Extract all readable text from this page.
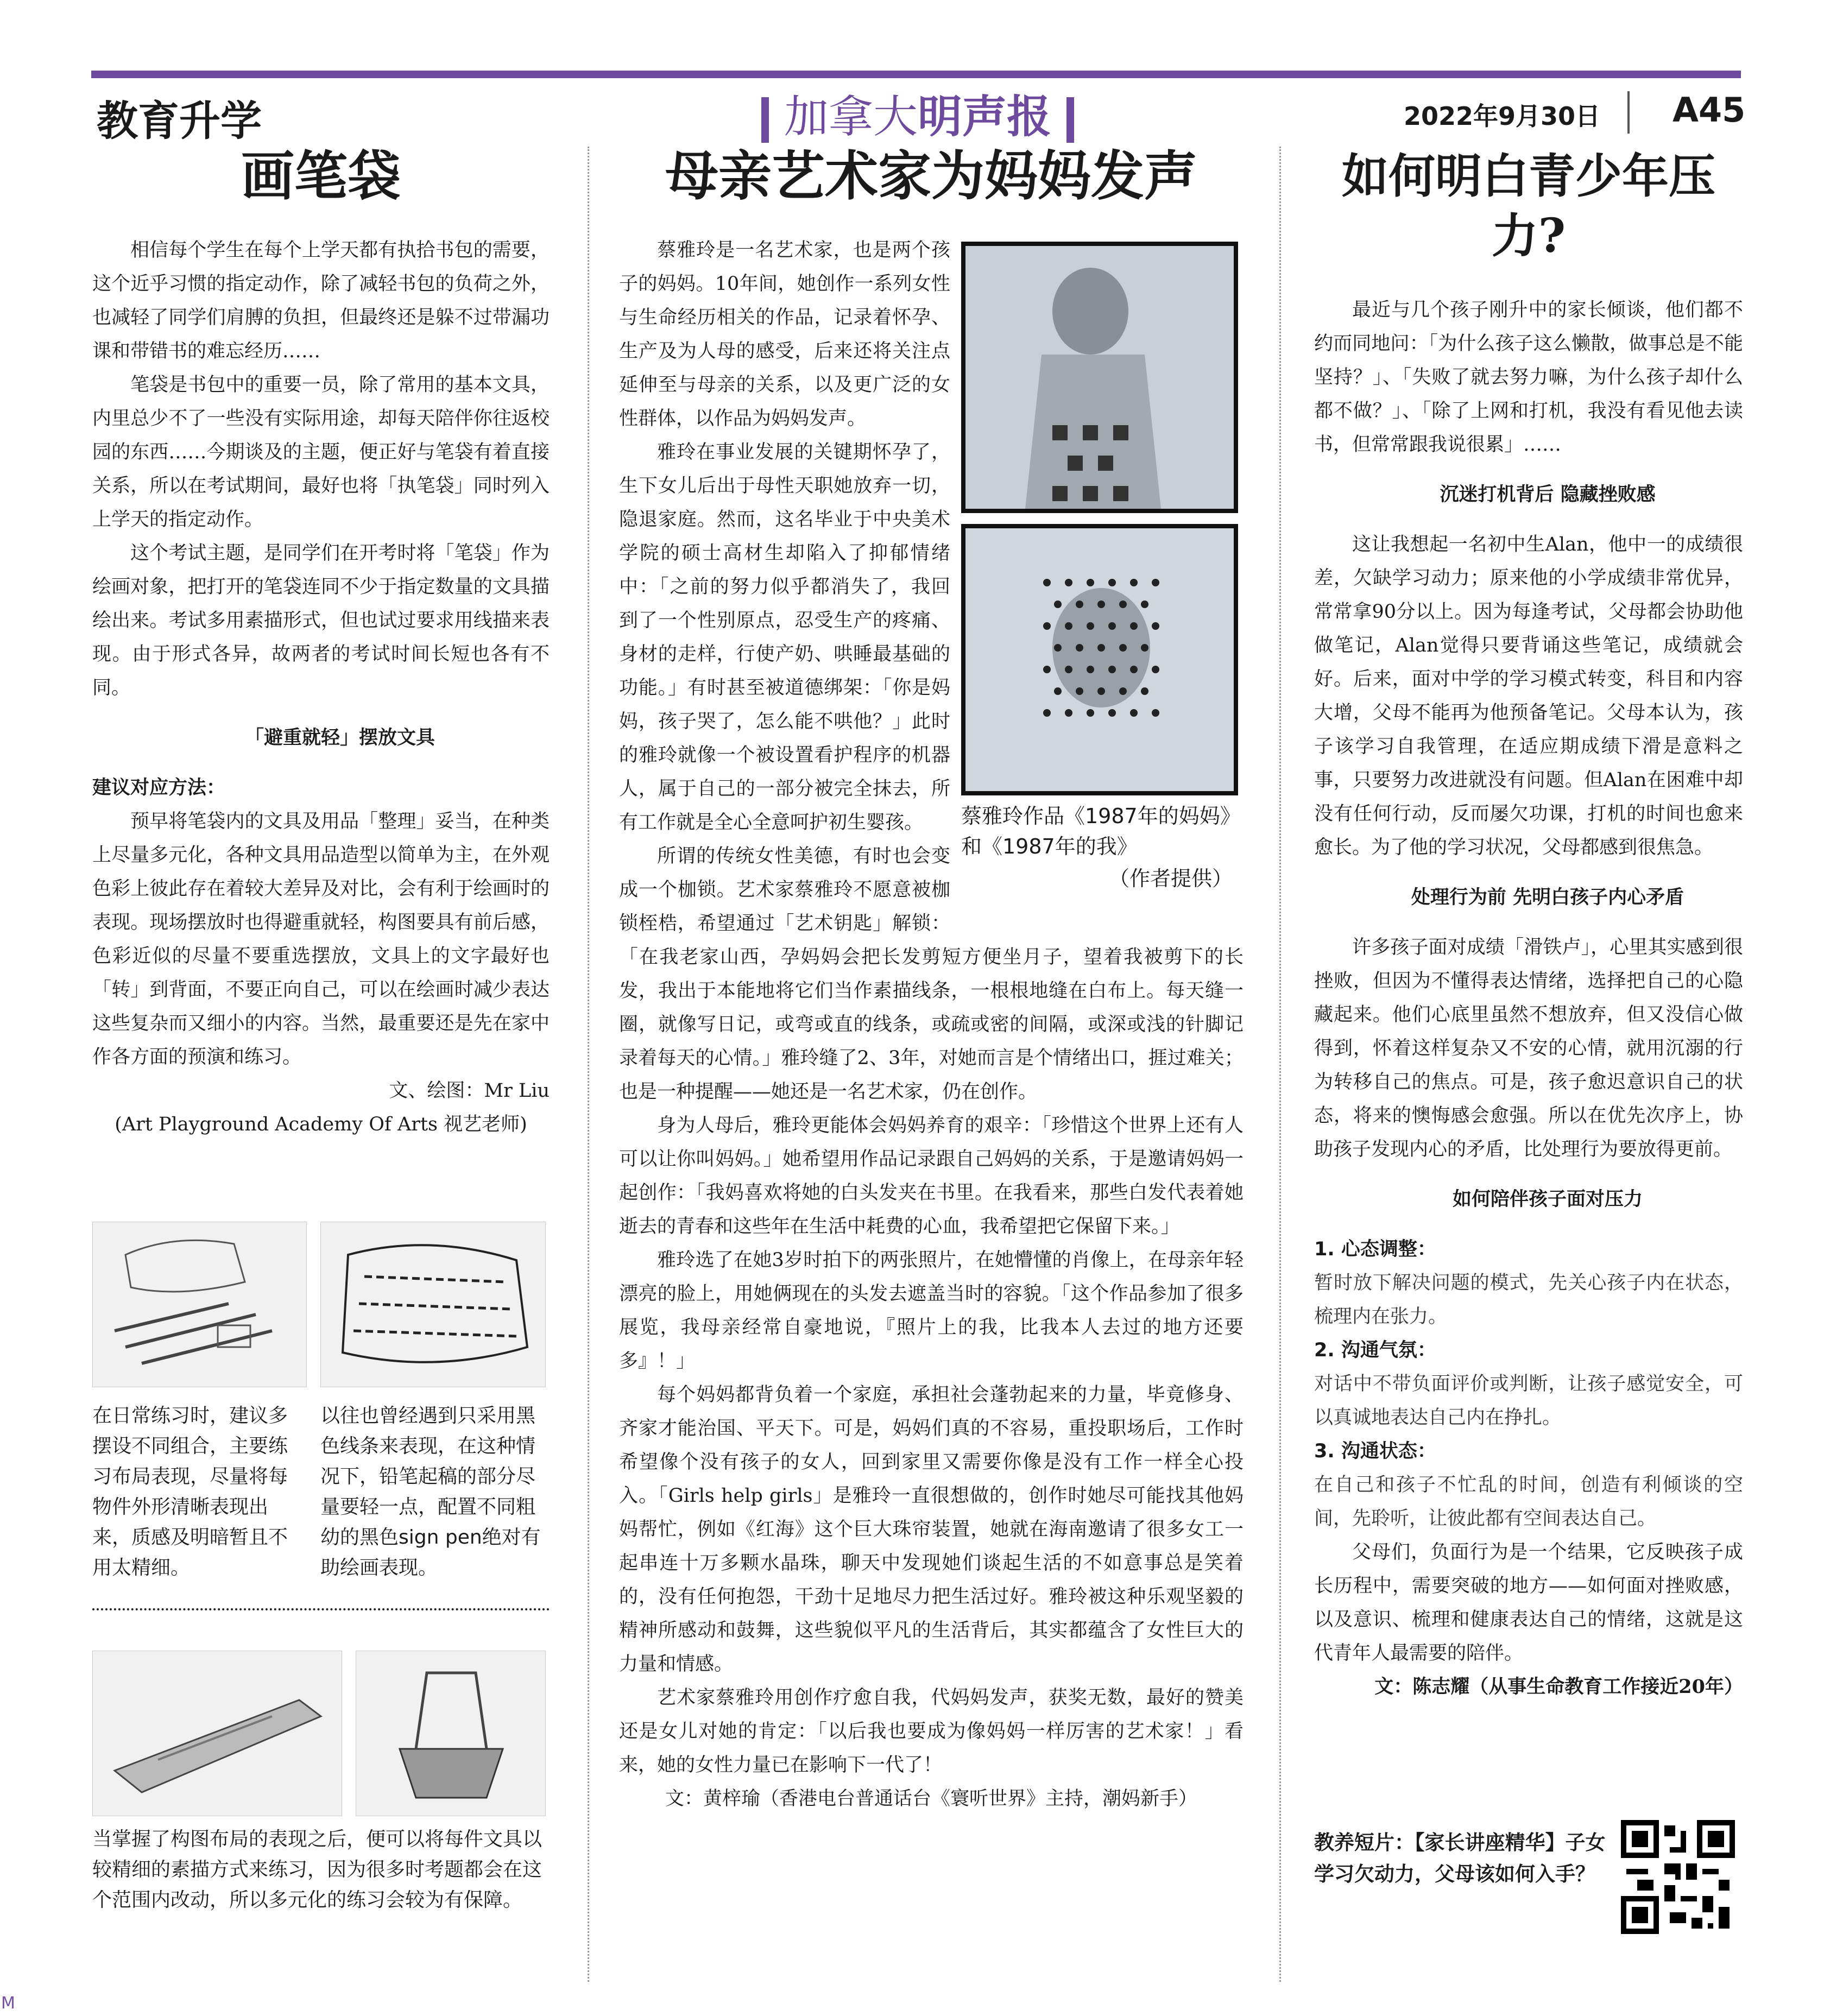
教育升学	加拿大明声报	2022年9月30日 A45
画笔袋

相信每个学生在每个上学天都有执拾书包的需要，这个近乎习惯的指定动作，除了减轻书包的负荷之外，也减轻了同学们肩膊的负担，但最终还是躲不过带漏功课和带错书的难忘经历……

笔袋是书包中的重要一员，除了常用的基本文具，内里总少不了一些没有实际用途，却每天陪伴你往返校园的东西……今期谈及的主题，便正好与笔袋有着直接关系，所以在考试期间，最好也将「执笔袋」同时列入上学天的指定动作。

这个考试主题，是同学们在开考时将「笔袋」作为绘画对象，把打开的笔袋连同不少于指定数量的文具描绘出来。考试多用素描形式，但也试过要求用线描来表现。由于形式各异，故两者的考试时间长短也各有不同。

「避重就轻」摆放文具

建议对应方法：

预早将笔袋内的文具及用品「整理」妥当，在种类上尽量多元化，各种文具用品造型以简单为主，在外观色彩上彼此存在着较大差异及对比，会有利于绘画时的表现。现场摆放时也得避重就轻，构图要具有前后感，色彩近似的尽量不要重选摆放，文具上的文字最好也「转」到背面，不要正向自己，可以在绘画时减少表达这些复杂而又细小的内容。当然，最重要还是先在家中作各方面的预演和练习。

文、绘图：Mr Liu

(Art Playground Academy Of Arts 视艺老师)

在日常练习时，建议多摆设不同组合，主要练习布局表现，尽量将每物件外形清晰表现出来，质感及明暗暂且不用太精细。
以往也曾经遇到只采用黑色线条来表现，在这种情况下，铅笔起稿的部分尽量要轻一点，配置不同粗幼的黑色sign pen绝对有助绘画表现。
当掌握了构图布局的表现之后，便可以将每件文具以较精细的素描方式来练习，因为很多时考题都会在这个范围内改动，所以多元化的练习会较为有保障。
母亲艺术家为妈妈发声

蔡雅玲是一名艺术家，也是两个孩子的妈妈。10年间，她创作一系列女性与生命经历相关的作品，记录着怀孕、生产及为人母的感受，后来还将关注点延伸至与母亲的关系，以及更广泛的女性群体，以作品为妈妈发声。

雅玲在事业发展的关键期怀孕了，生下女儿后出于母性天职她放弃一切，隐退家庭。然而，这名毕业于中央美术学院的硕士高材生却陷入了抑郁情绪中：「之前的努力似乎都消失了，我回到了一个性别原点，忍受生产的疼痛、身材的走样，行使产奶、哄睡最基础的功能。」有时甚至被道德绑架：「你是妈妈，孩子哭了，怎么能不哄他？」此时的雅玲就像一个被设置看护程序的机器人，属于自己的一部分被完全抹去，所有工作就是全心全意呵护初生婴孩。

所谓的传统女性美德，有时也会变成一个枷锁。艺术家蔡雅玲不愿意被枷锁桎梏，希望通过「艺术钥匙」解锁：「在我老家山西，孕妈妈会把长发剪短方便坐月子，望着我被剪下的长发，我出于本能地将它们当作素描线条，一根根地缝在白布上。每天缝一圈，就像写日记，或弯或直的线条，或疏或密的间隔，或深或浅的针脚记录着每天的心情。」雅玲缝了2、3年，对她而言是个情绪出口，捱过难关；也是一种提醒——她还是一名艺术家，仍在创作。

身为人母后，雅玲更能体会妈妈养育的艰辛：「珍惜这个世界上还有人可以让你叫妈妈。」她希望用作品记录跟自己妈妈的关系，于是邀请妈妈一起创作：「我妈喜欢将她的白头发夹在书里。在我看来，那些白发代表着她逝去的青春和这些年在生活中耗费的心血，我希望把它保留下来。」

雅玲选了在她3岁时拍下的两张照片，在她懵懂的肖像上，在母亲年轻漂亮的脸上，用她俩现在的头发去遮盖当时的容貌。「这个作品参加了很多展览，我母亲经常自豪地说，『照片上的我，比我本人去过的地方还要多』！」

每个妈妈都背负着一个家庭，承担社会蓬勃起来的力量，毕竟修身、齐家才能治国、平天下。可是，妈妈们真的不容易，重投职场后，工作时希望像个没有孩子的女人，回到家里又需要你像是没有工作一样全心投入。「Girls help girls」是雅玲一直很想做的，创作时她尽可能找其他妈妈帮忙，例如《红海》这个巨大珠帘装置，她就在海南邀请了很多女工一起串连十万多颗水晶珠，聊天中发现她们谈起生活的不如意事总是笑着的，没有任何抱怨，干劲十足地尽力把生活过好。雅玲被这种乐观坚毅的精神所感动和鼓舞，这些貌似平凡的生活背后，其实都蕴含了女性巨大的力量和情感。

艺术家蔡雅玲用创作疗愈自我，代妈妈发声，获奖无数，最好的赞美还是女儿对她的肯定：「以后我也要成为像妈妈一样厉害的艺术家！」看来，她的女性力量已在影响下一代了！

文：黄梓瑜（香港电台普通话台《寰听世界》主持，潮妈新手）

蔡雅玲作品《1987年的妈妈》和《1987年的我》
（作者提供）
如何明白青少年压力?

最近与几个孩子刚升中的家长倾谈，他们都不约而同地问：「为什么孩子这么懒散，做事总是不能坚持？」、「失败了就去努力嘛，为什么孩子却什么都不做？」、「除了上网和打机，我没有看见他去读书，但常常跟我说很累」……

沉迷打机背后 隐藏挫败感

这让我想起一名初中生Alan，他中一的成绩很差，欠缺学习动力；原来他的小学成绩非常优异，常常拿90分以上。因为每逢考试，父母都会协助他做笔记，Alan觉得只要背诵这些笔记，成绩就会好。后来，面对中学的学习模式转变，科目和内容大增，父母不能再为他预备笔记。父母本认为，孩子该学习自我管理，在适应期成绩下滑是意料之事，只要努力改进就没有问题。但Alan在困难中却没有任何行动，反而屡欠功课，打机的时间也愈来愈长。为了他的学习状况，父母都感到很焦急。

处理行为前 先明白孩子内心矛盾

许多孩子面对成绩「滑铁卢」，心里其实感到很挫败，但因为不懂得表达情绪，选择把自己的心隐藏起来。他们心底里虽然不想放弃，但又没信心做得到，怀着这样复杂又不安的心情，就用沉溺的行为转移自己的焦点。可是，孩子愈迟意识自己的状态，将来的懊悔感会愈强。所以在优先次序上，协助孩子发现内心的矛盾，比处理行为要放得更前。

如何陪伴孩子面对压力

1. 心态调整：

暂时放下解决问题的模式，先关心孩子内在状态，梳理内在张力。

2. 沟通气氛：

对话中不带负面评价或判断，让孩子感觉安全，可以真诚地表达自己内在挣扎。

3. 沟通状态：

在自己和孩子不忙乱的时间，创造有利倾谈的空间，先聆听，让彼此都有空间表达自己。

父母们，负面行为是一个结果，它反映孩子成长历程中，需要突破的地方——如何面对挫败感，以及意识、梳理和健康表达自己的情绪，这就是这代青年人最需要的陪伴。

文：陈志耀（从事生命教育工作接近20年）

教养短片：【家长讲座精华】子女学习欠动力，父母该如何入手？
M
